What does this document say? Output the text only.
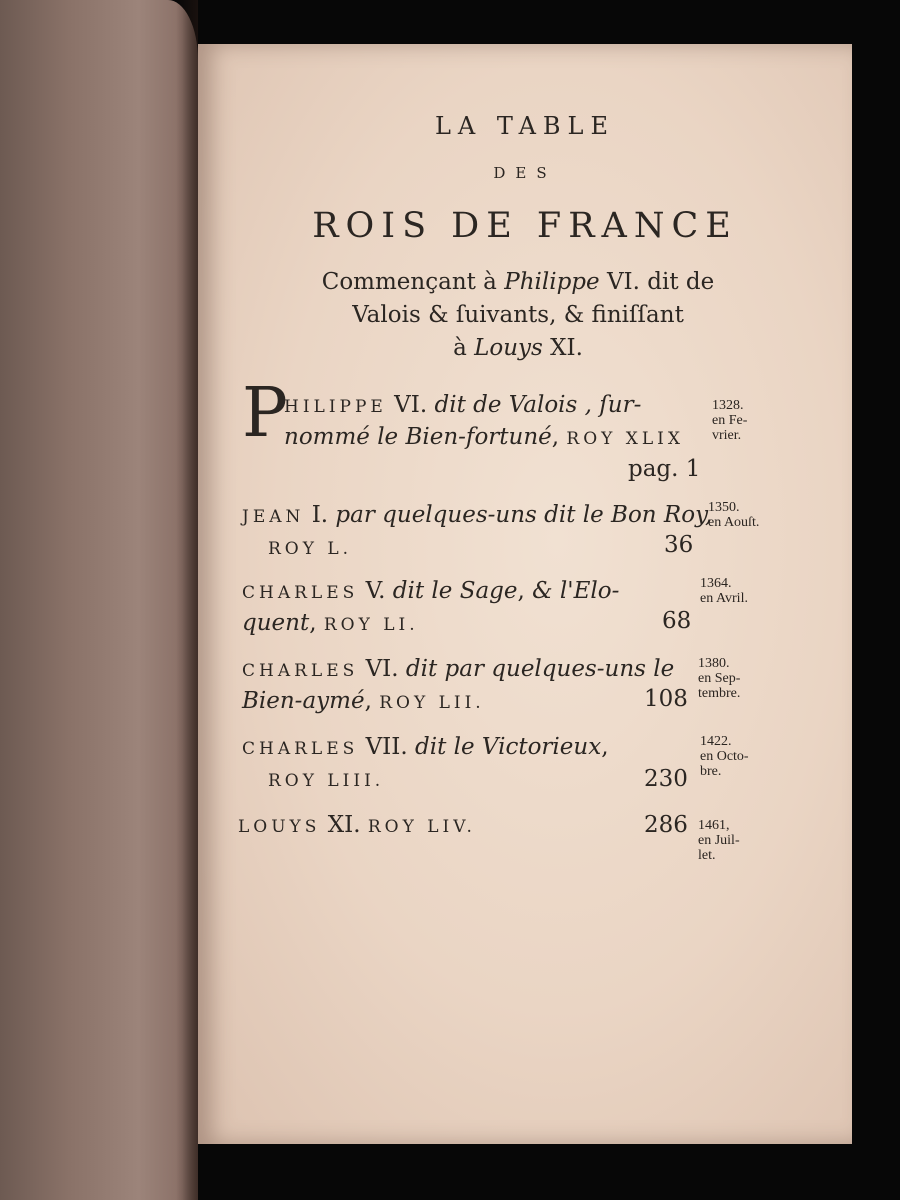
LA TABLE
DES
ROIS DE FRANCE
Commençant à Philippe VI. dit de
Valois & ſuivants, & finiſſant
à Louys XI.
P
HILIPPE VI. dit de Valois , ſur-
nommé le Bien-fortuné, ROY XLIX
pag. 1
1328.
en Fe-
vrier.
JEAN I. par quelques-uns dit le Bon Roy,
ROY L.	36
1350.
en Aouſt.
CHARLES V. dit le Sage, & l'Elo-
quent, ROY LI.	68
1364.
en Avril.
CHARLES VI. dit par quelques-uns le
Bien-aymé, ROY LII.	108
1380.
en Sep-
tembre.
CHARLES VII. dit le Victorieux,
ROY LIII.	230
1422.
en Octo-
bre.
LOUYS XI. ROY LIV.	286 1461,
en Juil-
let.
